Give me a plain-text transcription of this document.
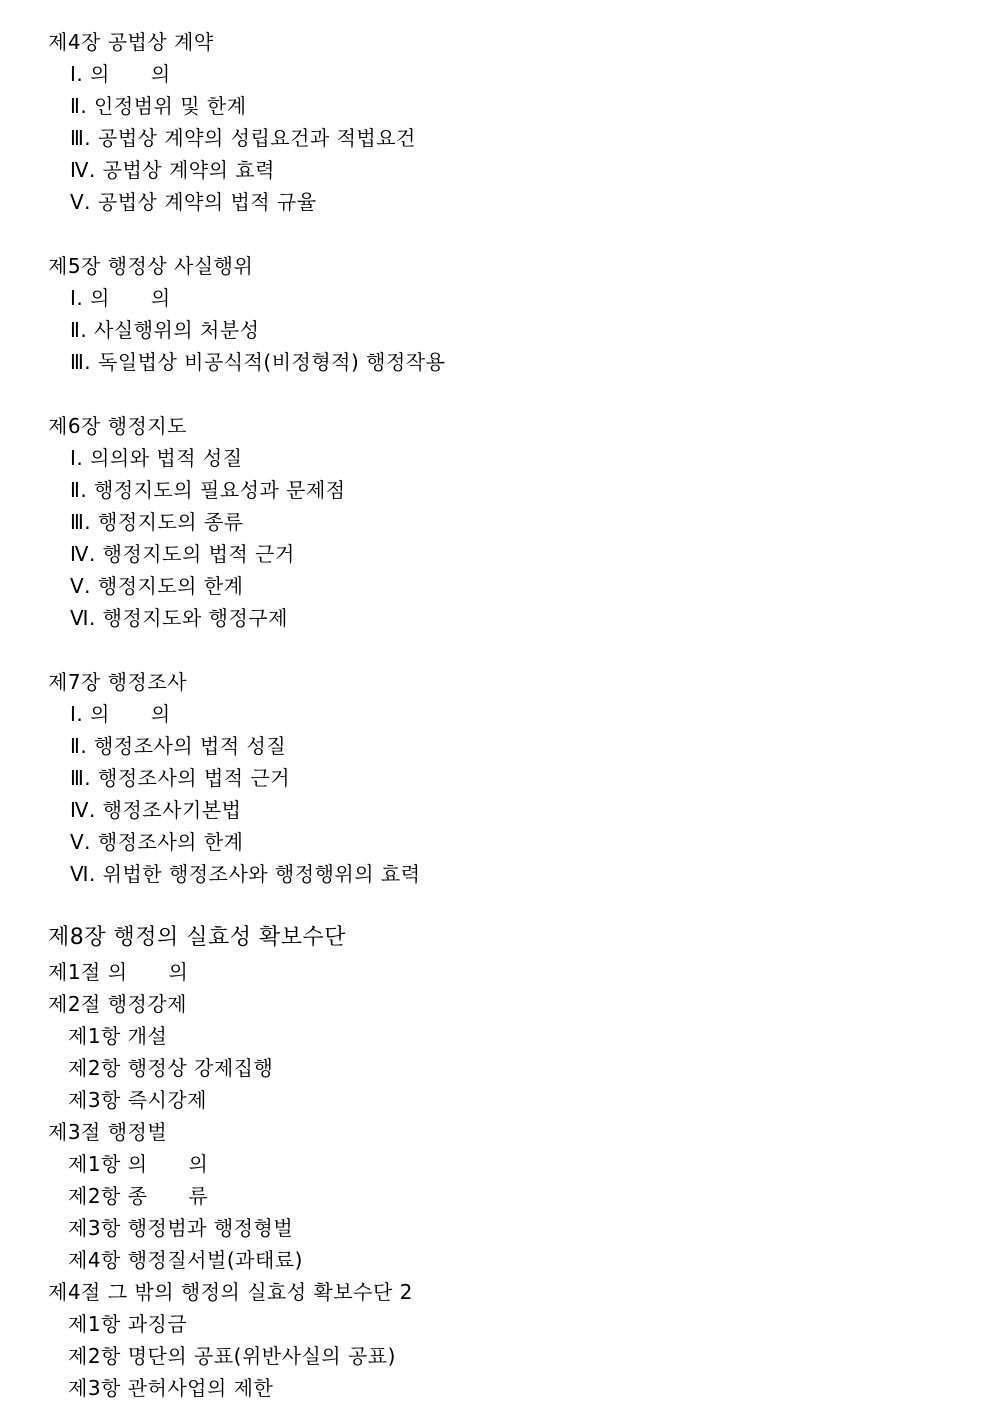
제4장 공법상 계약
Ⅰ. 의　　의
Ⅱ. 인정범위 및 한계
Ⅲ. 공법상 계약의 성립요건과 적법요건
Ⅳ. 공법상 계약의 효력
Ⅴ. 공법상 계약의 법적 규율
제5장 행정상 사실행위
Ⅰ. 의　　의
Ⅱ. 사실행위의 처분성
Ⅲ. 독일법상 비공식적(비정형적) 행정작용
제6장 행정지도
Ⅰ. 의의와 법적 성질
Ⅱ. 행정지도의 필요성과 문제점
Ⅲ. 행정지도의 종류
Ⅳ. 행정지도의 법적 근거
Ⅴ. 행정지도의 한계
Ⅵ. 행정지도와 행정구제
제7장 행정조사
Ⅰ. 의　　의
Ⅱ. 행정조사의 법적 성질
Ⅲ. 행정조사의 법적 근거
Ⅳ. 행정조사기본법
Ⅴ. 행정조사의 한계
Ⅵ. 위법한 행정조사와 행정행위의 효력
제8장 행정의 실효성 확보수단
제1절 의　　의
제2절 행정강제
제1항 개설
제2항 행정상 강제집행
제3항 즉시강제
제3절 행정벌
제1항 의　　의
제2항 종　　류
제3항 행정범과 행정형벌
제4항 행정질서벌(과태료)
제4절 그 밖의 행정의 실효성 확보수단 2
제1항 과징금
제2항 명단의 공표(위반사실의 공표)
제3항 관허사업의 제한
